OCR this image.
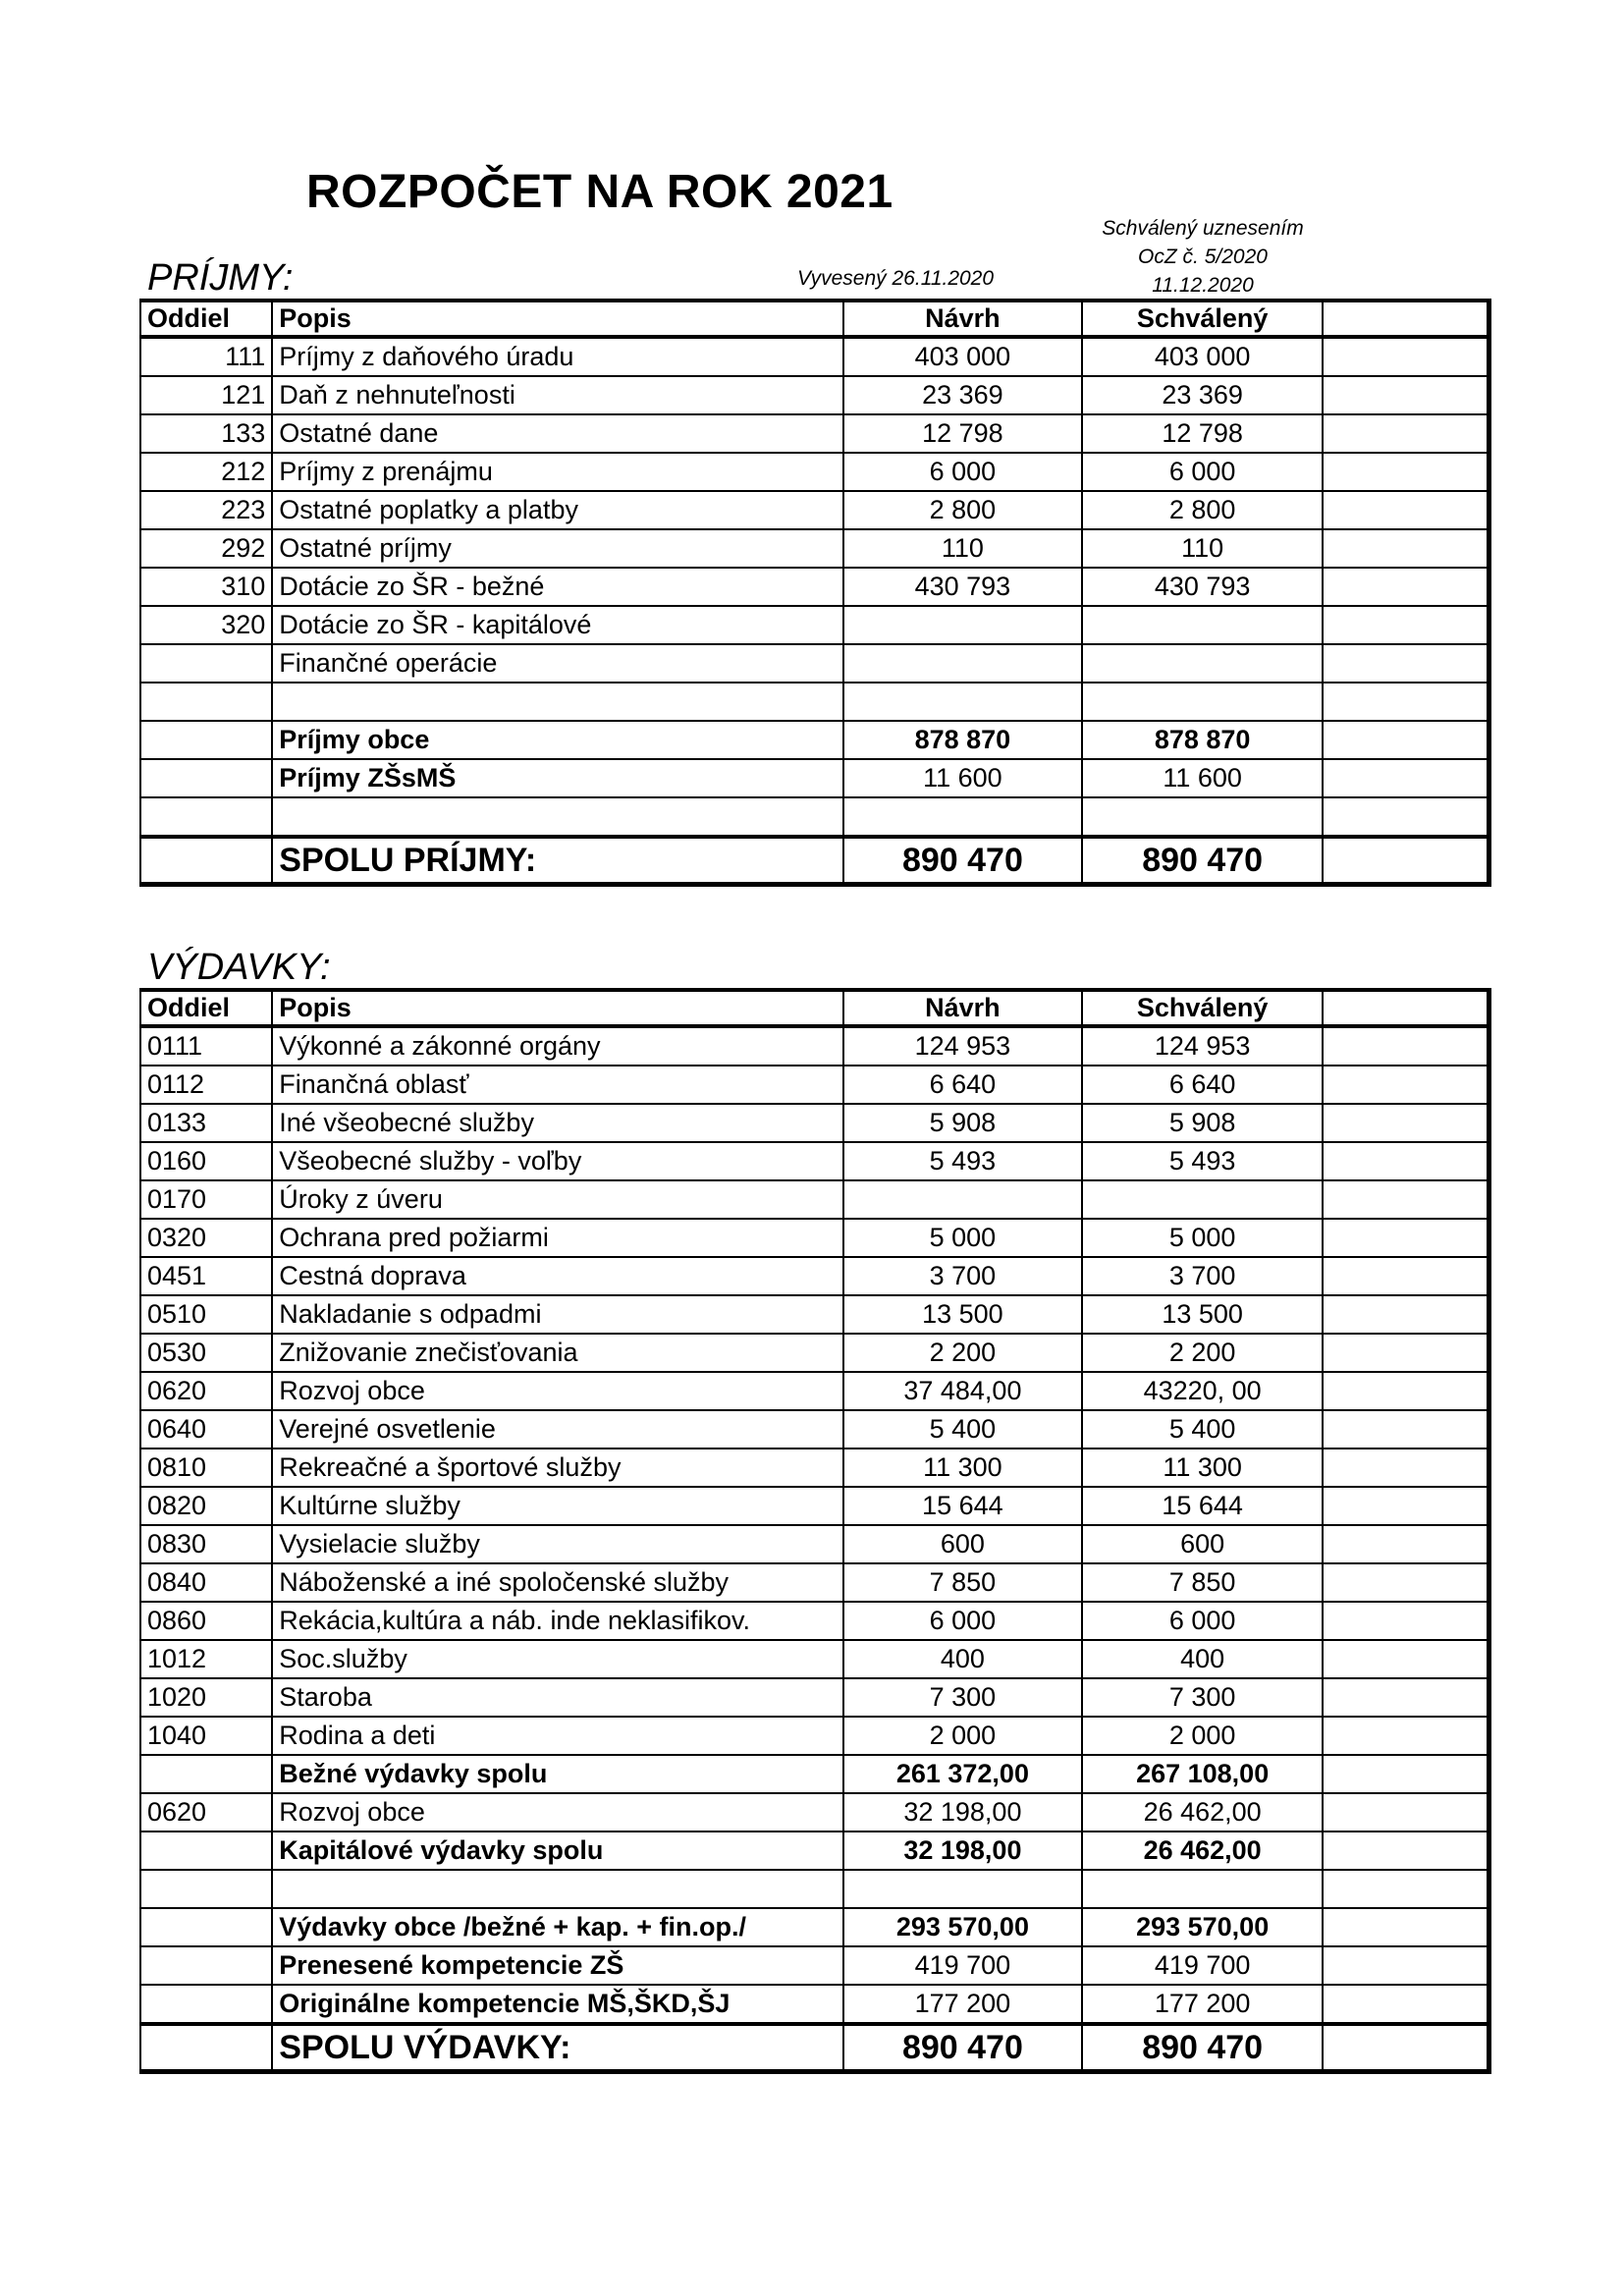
ROZPOČET NA ROK 2021
Schválený uznesením
OcZ č. 5/2020
11.12.2020
Vyvesený 26.11.2020
PRÍJMY:
Oddiel	Popis	Návrh	Schválený	
111	Príjmy z daňového úradu	403 000	403 000	
121	Daň z nehnuteľnosti	23 369	23 369	
133	Ostatné dane	12 798	12 798	
212	Príjmy z prenájmu	6 000	6 000	
223	Ostatné poplatky a platby	2 800	2 800	
292	Ostatné príjmy	110	110	
310	Dotácie zo ŠR - bežné	430 793	430 793	
320	Dotácie zo ŠR - kapitálové			
	Finančné operácie			

	Príjmy obce	878 870	878 870	
	Príjmy ZŠsMŠ	11 600	11 600	

	SPOLU PRÍJMY:	890 470	890 470	
VÝDAVKY:
Oddiel	Popis	Návrh	Schválený	
0111	Výkonné a zákonné orgány	124 953	124 953	
0112	Finančná oblasť	6 640	6 640	
0133	Iné všeobecné služby	5 908	5 908	
0160	Všeobecné služby - voľby	5 493	5 493	
0170	Úroky z úveru			
0320	Ochrana pred požiarmi	5 000	5 000	
0451	Cestná doprava	3 700	3 700	
0510	Nakladanie s odpadmi	13 500	13 500	
0530	Znižovanie znečisťovania	2 200	2 200	
0620	Rozvoj obce	37 484,00	43220, 00	
0640	Verejné osvetlenie	5 400	5 400	
0810	Rekreačné a športové služby	11 300	11 300	
0820	Kultúrne služby	15 644	15 644	
0830	Vysielacie služby	600	600	
0840	Náboženské a iné spoločenské služby	7 850	7 850	
0860	Rekácia,kultúra a náb. inde neklasifikov.	6 000	6 000	
1012	Soc.služby	400	400	
1020	Staroba	7 300	7 300	
1040	Rodina a deti	2 000	2 000	
	Bežné výdavky spolu	261 372,00	267 108,00	
0620	Rozvoj obce	32 198,00	26 462,00	
	Kapitálové výdavky spolu	32 198,00	26 462,00	

	Výdavky obce /bežné + kap. + fin.op./	293 570,00	293 570,00	
	Prenesené kompetencie ZŠ	419 700	419 700	
	Originálne kompetencie MŠ,ŠKD,ŠJ	177 200	177 200	
	SPOLU VÝDAVKY:	890 470	890 470	
